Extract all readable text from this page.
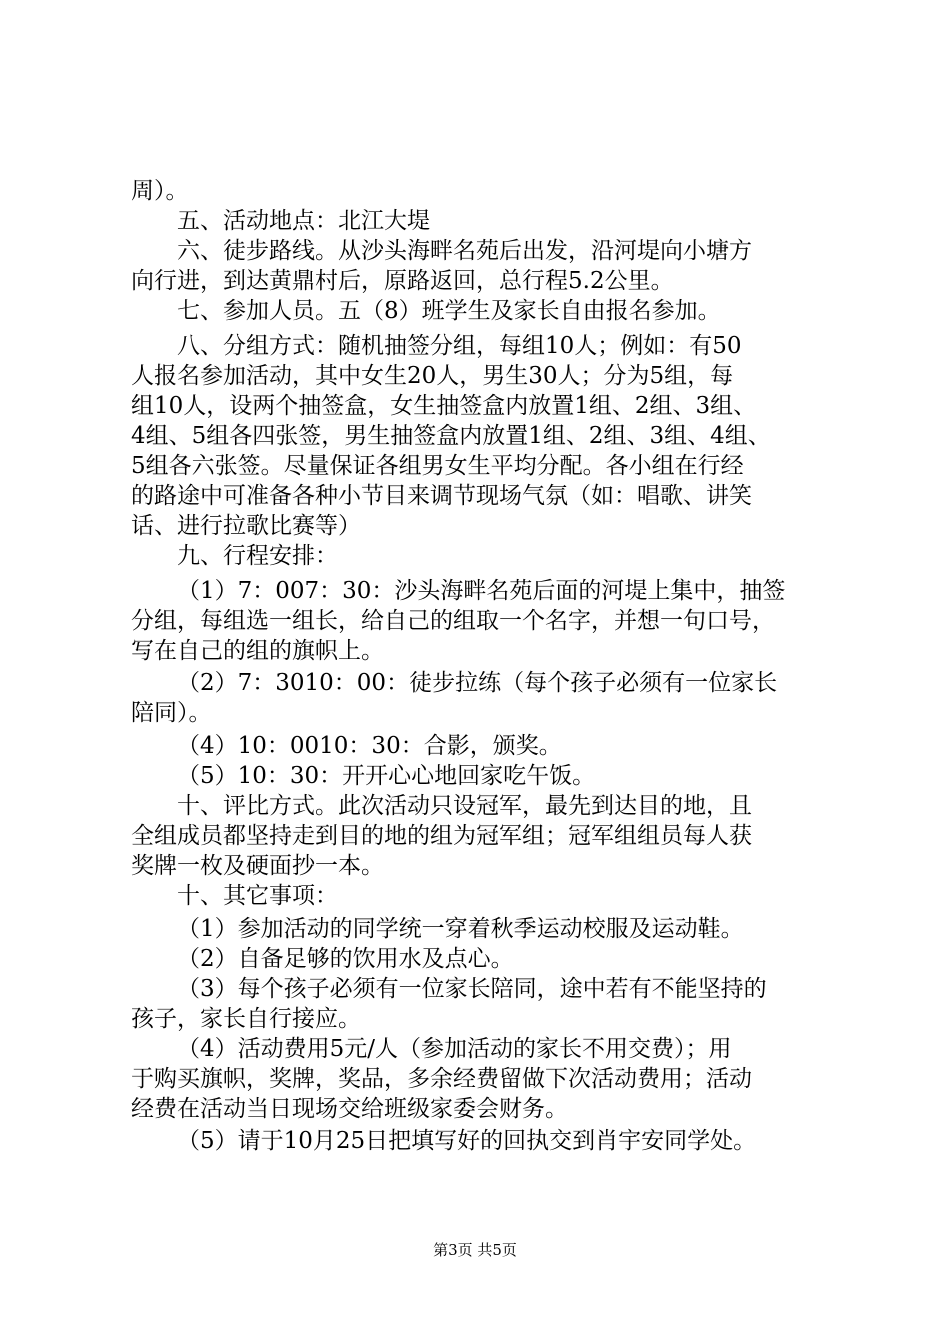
周）。
五、活动地点：北江大堤
六、徒步路线。从沙头海畔名苑后出发，沿河堤向小塘方
向行进，到达黄鼎村后，原路返回，总行程5.2公里。
七、参加人员。五（8）班学生及家长自由报名参加。
八、分组方式：随机抽签分组，每组10人；例如：有50
人报名参加活动，其中女生20人，男生30人；分为5组，每
组10人，设两个抽签盒，女生抽签盒内放置1组、2组、3组、
4组、5组各四张签，男生抽签盒内放置1组、2组、3组、4组、
5组各六张签。尽量保证各组男女生平均分配。各小组在行经
的路途中可准备各种小节目来调节现场气氛（如：唱歌、讲笑
话、进行拉歌比赛等）
九、行程安排：
（1）7：007：30：沙头海畔名苑后面的河堤上集中，抽签
分组，每组选一组长，给自己的组取一个名字，并想一句口号，
写在自己的组的旗帜上。
（2）7：3010：00：徒步拉练（每个孩子必须有一位家长
陪同）。
（4）10：0010：30：合影，颁奖。
（5）10：30：开开心心地回家吃午饭。
十、评比方式。此次活动只设冠军，最先到达目的地，且
全组成员都坚持走到目的地的组为冠军组；冠军组组员每人获
奖牌一枚及硬面抄一本。
十、其它事项：
（1）参加活动的同学统一穿着秋季运动校服及运动鞋。
（2）自备足够的饮用水及点心。
（3）每个孩子必须有一位家长陪同，途中若有不能坚持的
孩子，家长自行接应。
（4）活动费用5元/人（参加活动的家长不用交费）；用
于购买旗帜，奖牌，奖品，多余经费留做下次活动费用；活动
经费在活动当日现场交给班级家委会财务。
（5）请于10月25日把填写好的回执交到肖宇安同学处。
第3页 共5页
